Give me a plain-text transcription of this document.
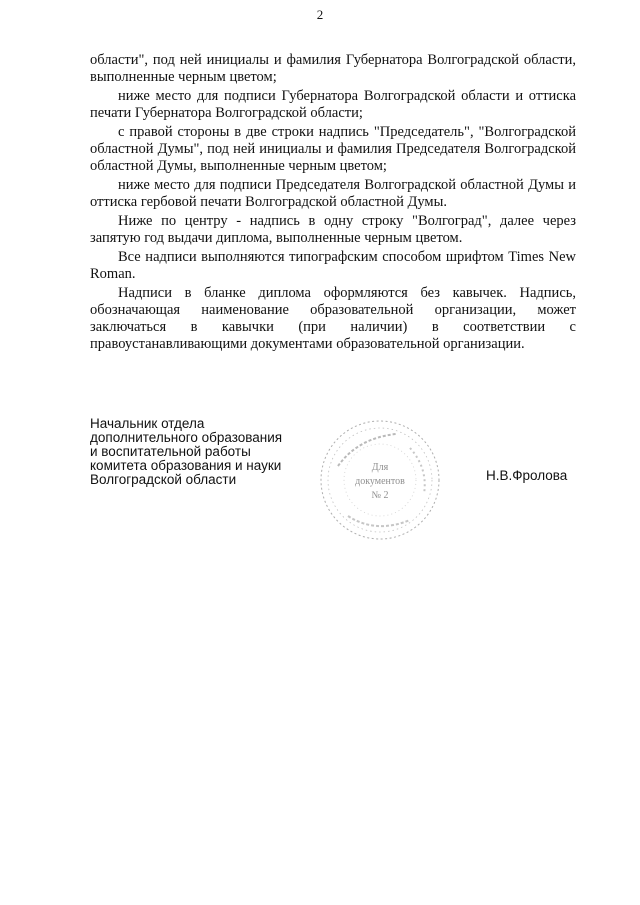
2

области", под ней инициалы и фамилия Губернатора Волгоградской области, выполненные черным цветом;

ниже место для подписи Губернатора Волгоградской области и оттиска печати Губернатора Волгоградской области;

с правой стороны в две строки надпись "Председатель", "Волгоградской областной Думы", под ней инициалы и фамилия Председателя Волгоградской областной Думы, выполненные черным цветом;

ниже место для подписи Председателя Волгоградской областной Думы и оттиска гербовой печати Волгоградской областной Думы.

Ниже по центру - надпись в одну строку "Волгоград", далее через запятую год выдачи диплома, выполненные черным цветом.

Все надписи выполняются типографским способом шрифтом Times New Roman.

Надписи в бланке диплома оформляются без кавычек. Надпись, обозначающая наименование образовательной организации, может заключаться в кавычки (при наличии) в соответствии с правоустанавливающими документами образовательной организации.

Начальник отдела
дополнительного образования
и воспитательной работы
комитета образования и науки
Волгоградской области
Для
документов
№ 2
Н.В.Фролова
